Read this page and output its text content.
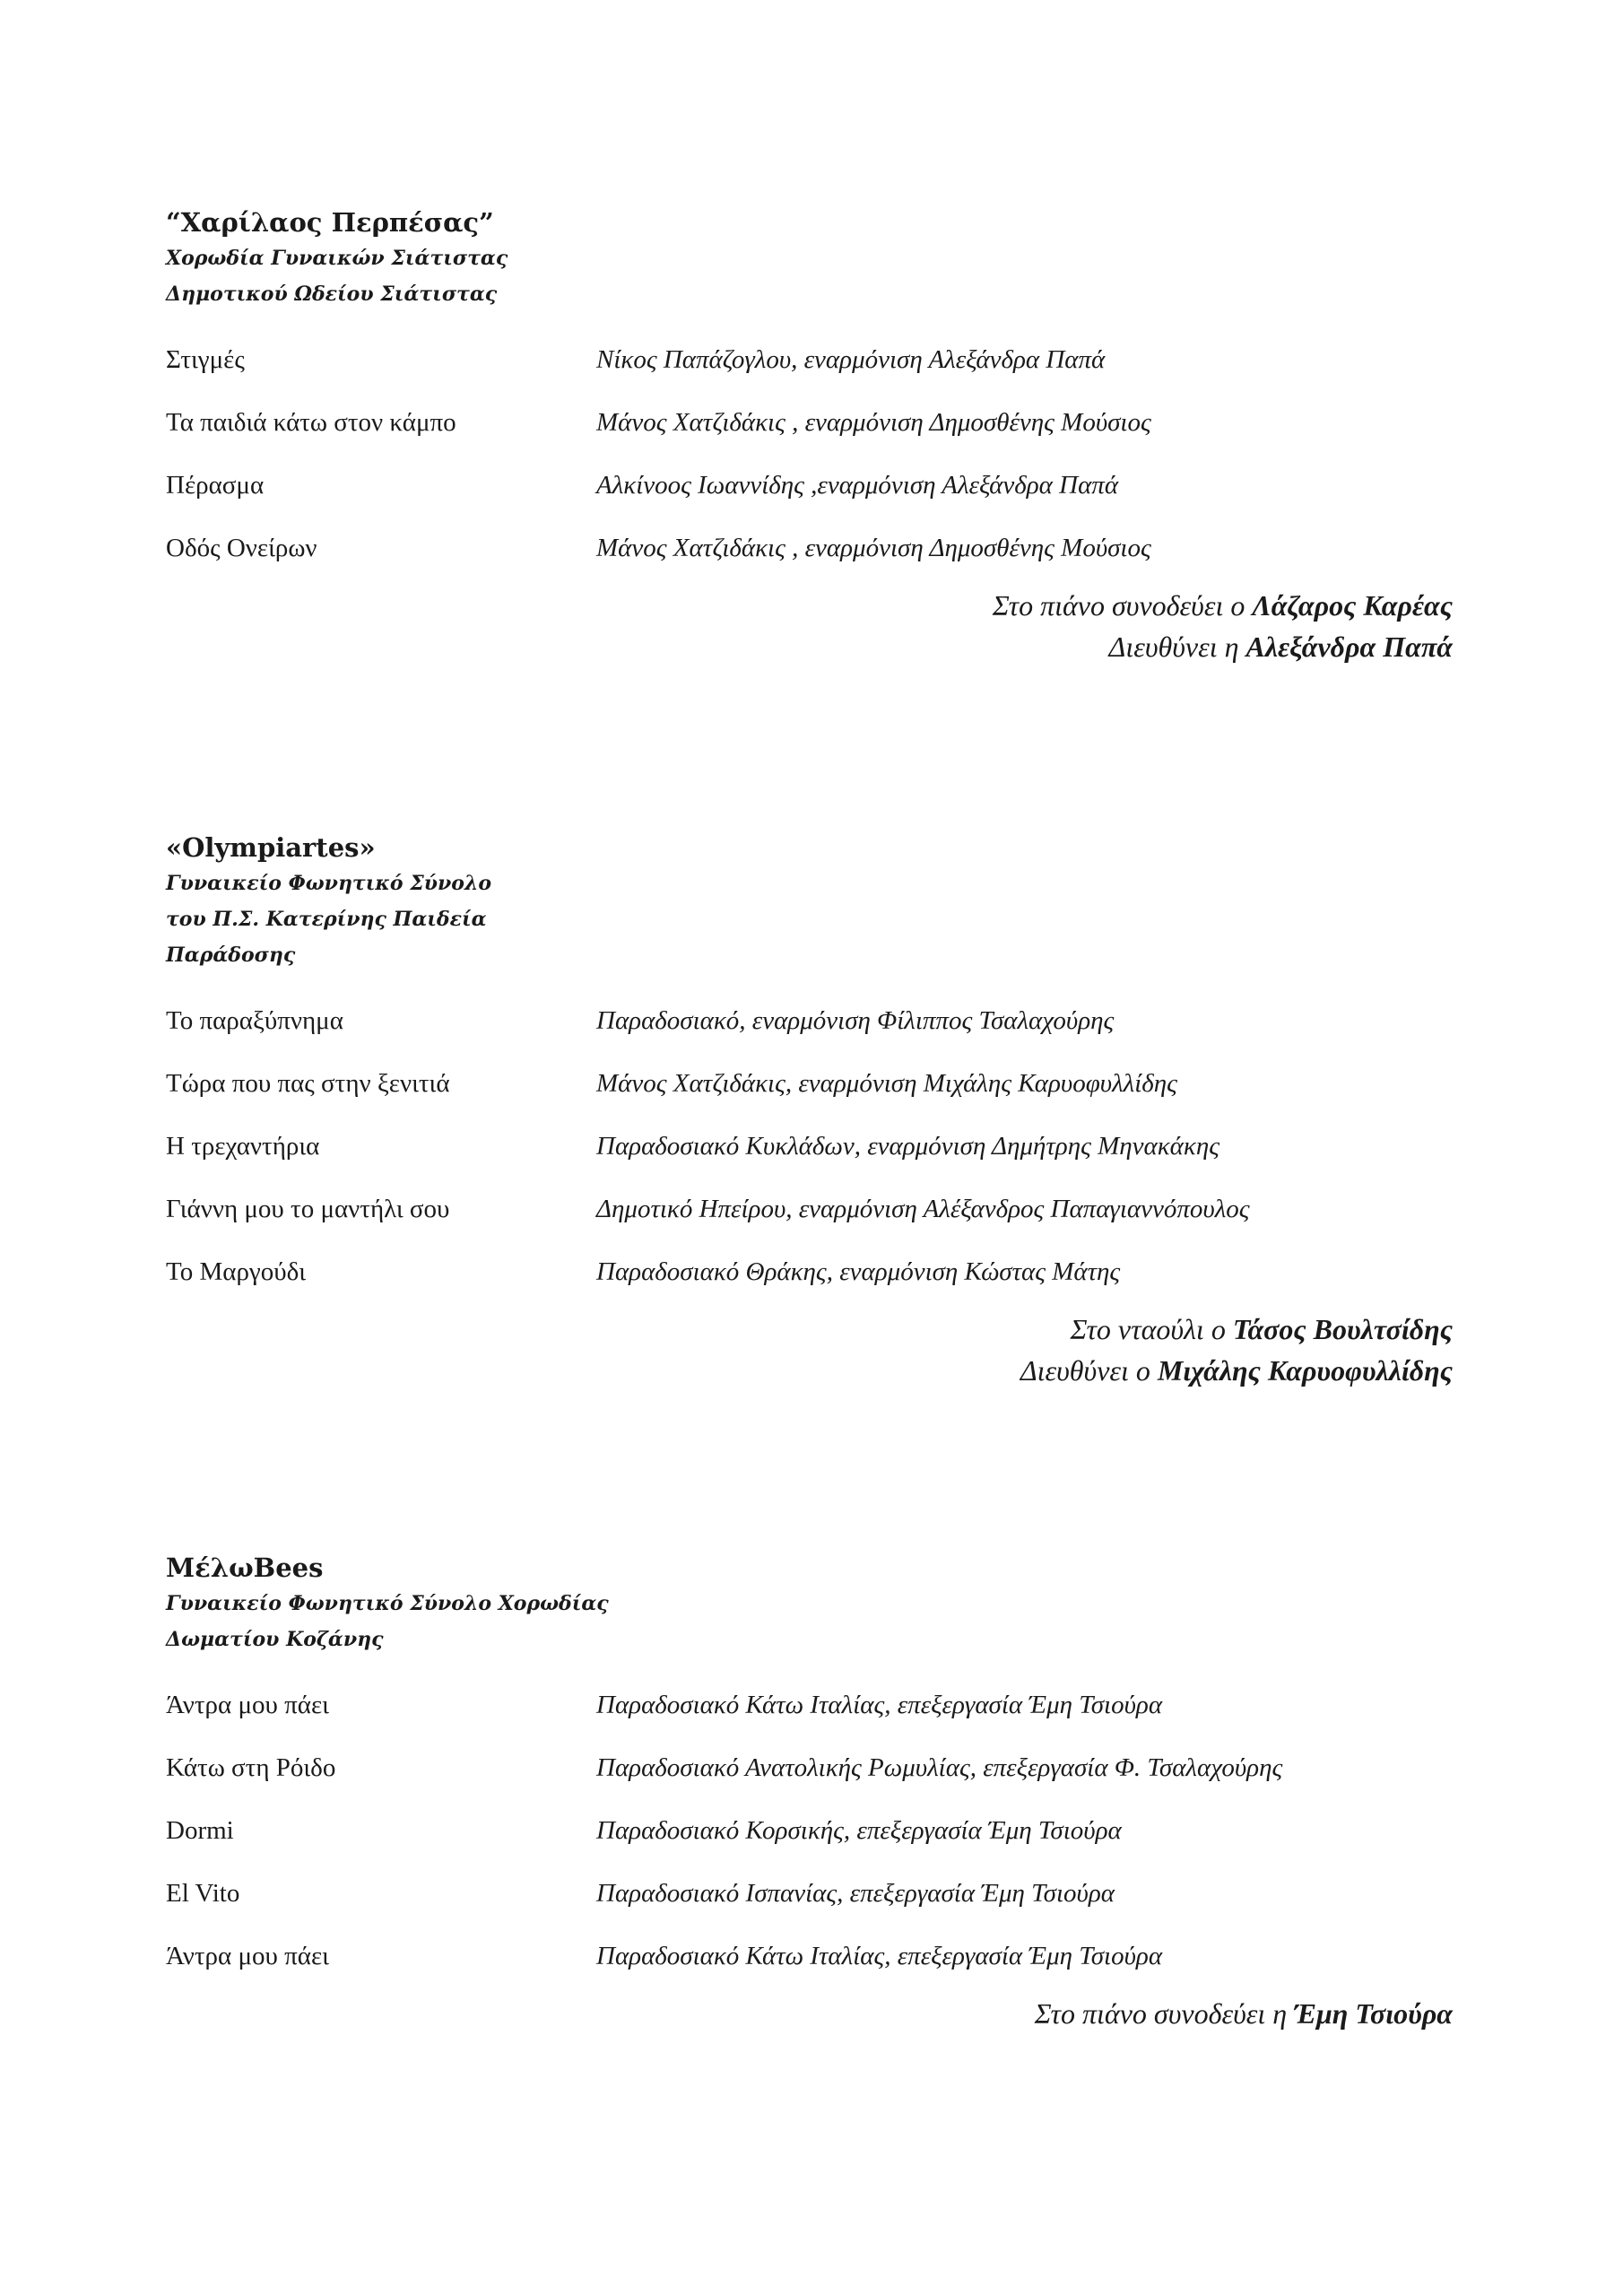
“Χαρίλαος Περπέσας”
Χορωδία Γυναικών Σιάτιστας
Δημοτικού Ωδείου Σιάτιστας
Στιγμές	Νίκος Παπάζογλου, εναρμόνιση Αλεξάνδρα Παπά
Τα παιδιά κάτω στον κάμπο	Μάνος Χατζιδάκις , εναρμόνιση Δημοσθένης Μούσιος
Πέρασμα	Αλκίνοος Ιωαννίδης ,εναρμόνιση Αλεξάνδρα Παπά
Οδός Ονείρων	Μάνος Χατζιδάκις , εναρμόνιση Δημοσθένης Μούσιος
Στο πιάνο συνοδεύει ο Λάζαρος Καρέας
Διευθύνει η Αλεξάνδρα Παπά
«Olympiartes»
Γυναικείο Φωνητικό Σύνολο
του Π.Σ. Κατερίνης Παιδεία
Παράδοσης
Το παραξύπνημα	Παραδοσιακό, εναρμόνιση Φίλιππος Τσαλαχούρης
Τώρα που πας στην ξενιτιά	Μάνος Χατζιδάκις, εναρμόνιση Μιχάλης Καρυοφυλλίδης
Η τρεχαντήρια	Παραδοσιακό Κυκλάδων, εναρμόνιση Δημήτρης Μηνακάκης
Γιάννη μου το μαντήλι σου	Δημοτικό Ηπείρου, εναρμόνιση Αλέξανδρος Παπαγιαννόπουλος
Το Μαργούδι	Παραδοσιακό Θράκης, εναρμόνιση Κώστας Μάτης
Στο νταούλι ο Τάσος Βουλτσίδης
Διευθύνει ο Μιχάλης Καρυοφυλλίδης
ΜέλωBees
Γυναικείο Φωνητικό Σύνολο Χορωδίας
Δωματίου Κοζάνης
Άντρα μου πάει	Παραδοσιακό Κάτω Ιταλίας, επεξεργασία Έμη Τσιούρα
Κάτω στη Ρόιδο	Παραδοσιακό Ανατολικής Ρωμυλίας, επεξεργασία Φ. Τσαλαχούρης
Dormi	Παραδοσιακό Κορσικής, επεξεργασία Έμη Τσιούρα
El Vito	Παραδοσιακό Ισπανίας, επεξεργασία Έμη Τσιούρα
Άντρα μου πάει	Παραδοσιακό Κάτω Ιταλίας, επεξεργασία Έμη Τσιούρα
Στο πιάνο συνοδεύει η Έμη Τσιούρα
